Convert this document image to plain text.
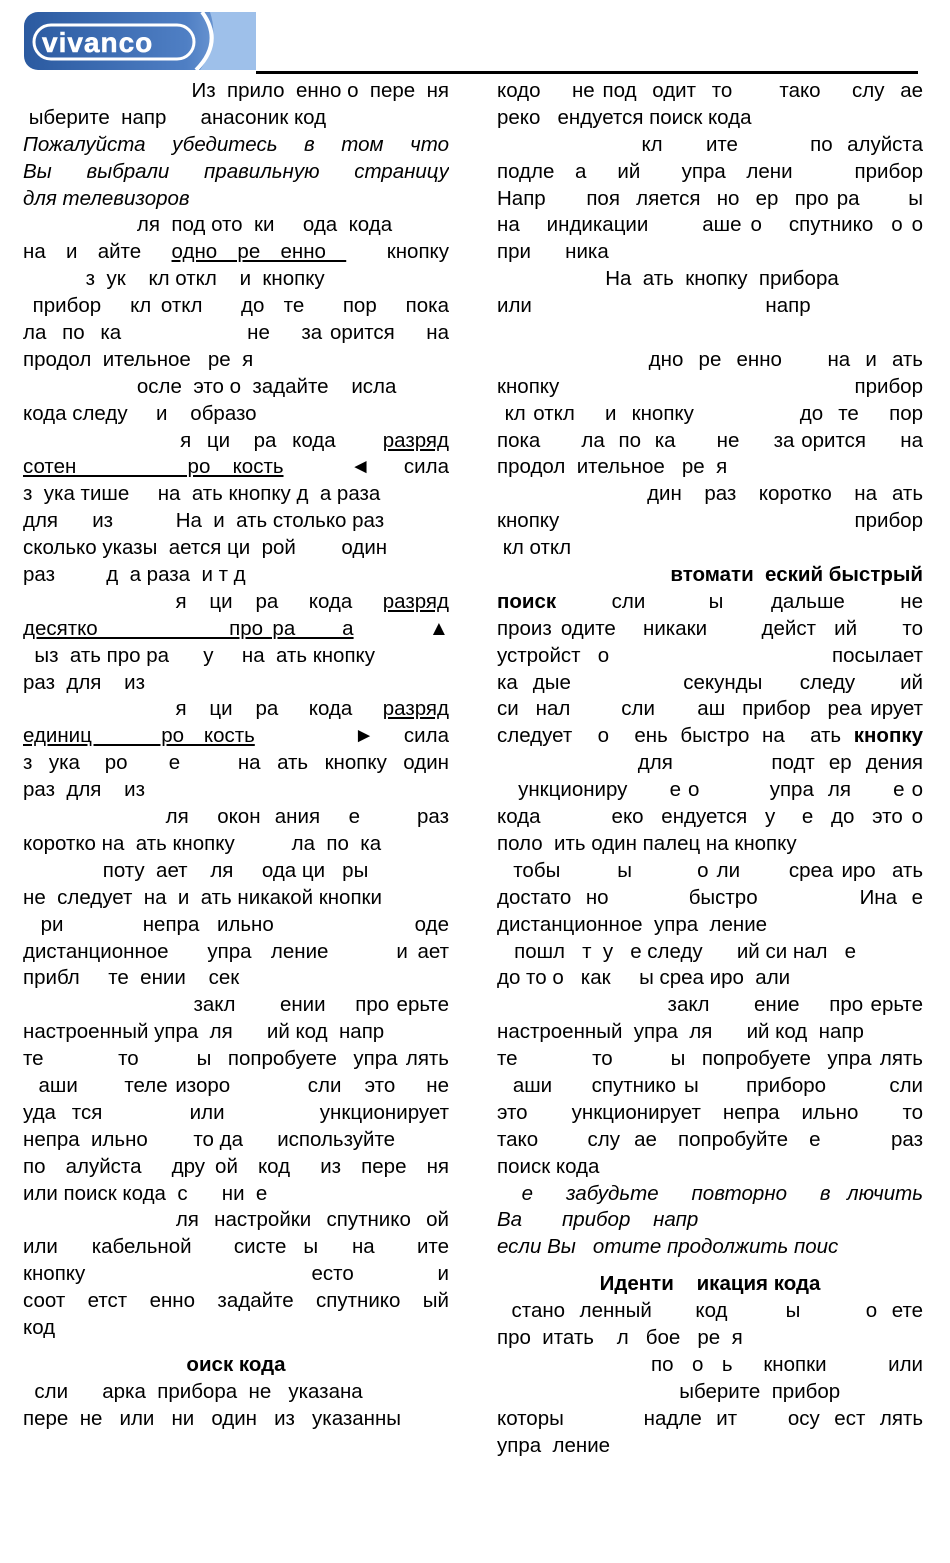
vivanco
Из  прило  енно о  пере  ня
ыберите  напр      анасоник код
Пожалуйста  убедитесь  в  том  что
Вы  выбрали  правильную  страницу
для телевизоров
ля  под ото  ки     ода  кода
на  и  айте   одно  ре  енно      кнопку
з  ук    кл откл    и  кнопку
прибор   кл откл    до  те    пор   пока
ла  по  ка                не    за орится    на
продол  ительное   ре  я
осле  это о  задайте    исла
кода следу     и    образо
я  ци   ра  кода      разряд
сотен          ро  кость      ◄   сила
з  ука тише     на  ать кнопку д  а раза
для      из           На  и  ать столько раз
сколько указы  ается ци  рой        один
раз         д  а раза  и т д
я   ци   ра    кода    разряд
десятко              про ра     а        ▲
ыз  ать про ра      у     на  ать кнопку
раз  для    из
я   ци   ра    кода    разряд
единиц       ро  кость          ►   сила
з  ука   ро     е       на  ать  кнопку  один
раз  для    из
ля    окон  ания    е        раз
коротко на  ать кнопку          ла  по  ка
поту  ает    ля     ода ци   ры
не  следует  на  и  ать никакой кнопки
ри         непра  ильно                оде
дистанционное    упра  ление       и ает
прибл     те  ении    сек
закл      ении    про ерьте
настроенный упра  ля      ий код  напр
те         то       ы  попробуете  упра лять
аши      теле изоро          сли   это    не
уда  тся           или            ункционирует
непра  ильно        то да      используйте
по  алуйста   дру ой  код   из  пере  ня
или поиск кода  с      ни  е
ля  настройки  спутнико  ой
или    кабельной     систе  ы    на     ите
кнопку                           есто          и
соот  етст  енно  задайте  спутнико  ый
код
оиск кода
сли      арка  прибора  не   указана
пере  не   или   ни   один   из   указанны
кодо    не под  одит  то      тако    слу  ае
реко   ендуется поиск кода
кл      ите          по  алуйста
подле  а   ий    упра  лени      прибор
Напр     поя  ляется  но  ер  про ра      ы
на   индикации      аше о   спутнико  о о
при      ника
На  ать  кнопку  прибора
или                                         напр
дно  ре  енно      на  и  ать
кнопку                                     прибор
кл откл    и  кнопку              до  те    пор
пока      ла  по  ка      не     за орится     на
продол  ительное   ре  я
дин   раз   коротко   на  ать
кнопку                                     прибор
кл откл
втомати  еский быстрый
поиск       сли        ы      дальше       не
произ одите   никаки      дейст  ий     то
устройст  о                          посылает
ка  дые               секунды     следу      ий
си  нал      сли     аш  прибор  реа ирует
следует  о  ень быстро на  ать кнопку
для              подт  ер  дения
ункциониру      е о          упра  ля      е о
кода        еко  ендуется  у   е  до  это о
поло  ить один палец на кнопку
тобы       ы        о ли      среа иро  ать
достато  но           быстро              Ина  е
дистанционное  упра  ление
пошл   т  у   е следу      ий си нал   е
до то о   как     ы среа иро  али
закл      ение    про ерьте
настроенный  упра  ля      ий код  напр
те         то       ы  попробуете  упра лять
аши     спутнико ы      приборо        сли
это    ункционирует  непра  ильно    то
тако       слу  ае   попробуйте   е          раз
поиск кода
е    забудьте    повторно    в  лючить
Ва       прибор    напр
если Вы   отите продолжить поис
Иденти    икация кода
стано  ленный      код        ы         о  ете
про  итать    л   бое   ре  я
по   о   ь     кнопки          или
ыберите  прибор
которы           надле  ит       осу  ест  лять
упра  ление
